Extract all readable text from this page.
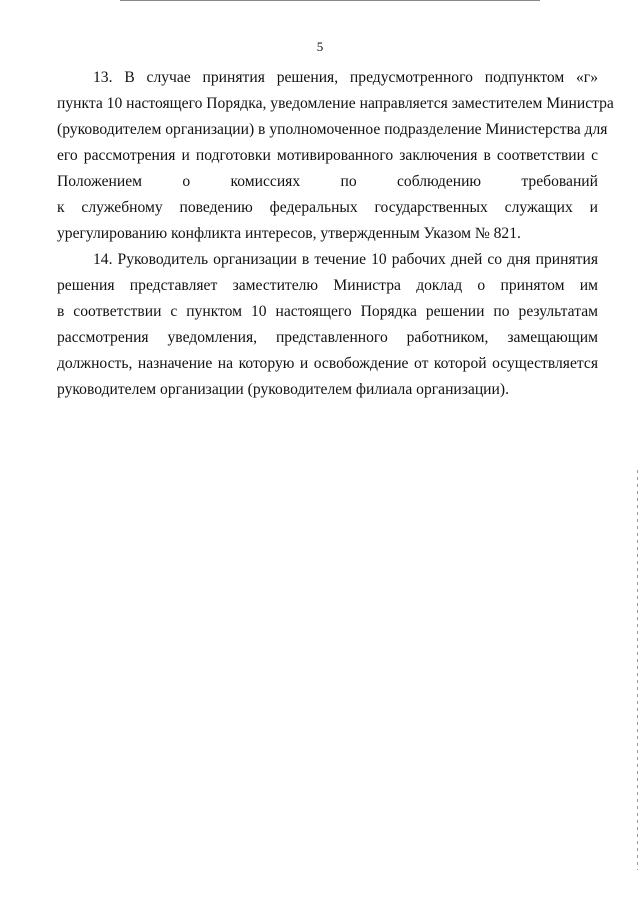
5
13. В случае принятия решения, предусмотренного подпунктом «г»
пункта 10 настоящего Порядка, уведомление направляется заместителем Министра
(руководителем организации) в уполномоченное подразделение Министерства для
его рассмотрения и подготовки мотивированного заключения в соответствии с
Положением о комиссиях по соблюдению требований
к служебному поведению федеральных государственных служащих и
урегулированию конфликта интересов, утвержденным Указом № 821.
14. Руководитель организации в течение 10 рабочих дней со дня принятия
решения представляет заместителю Министра доклад о принятом им
в соответствии с пунктом 10 настоящего Порядка решении по результатам
рассмотрения уведомления, представленного работником, замещающим
должность, назначение на которую и освобождение от которой осуществляется
руководителем организации (руководителем филиала организации).
